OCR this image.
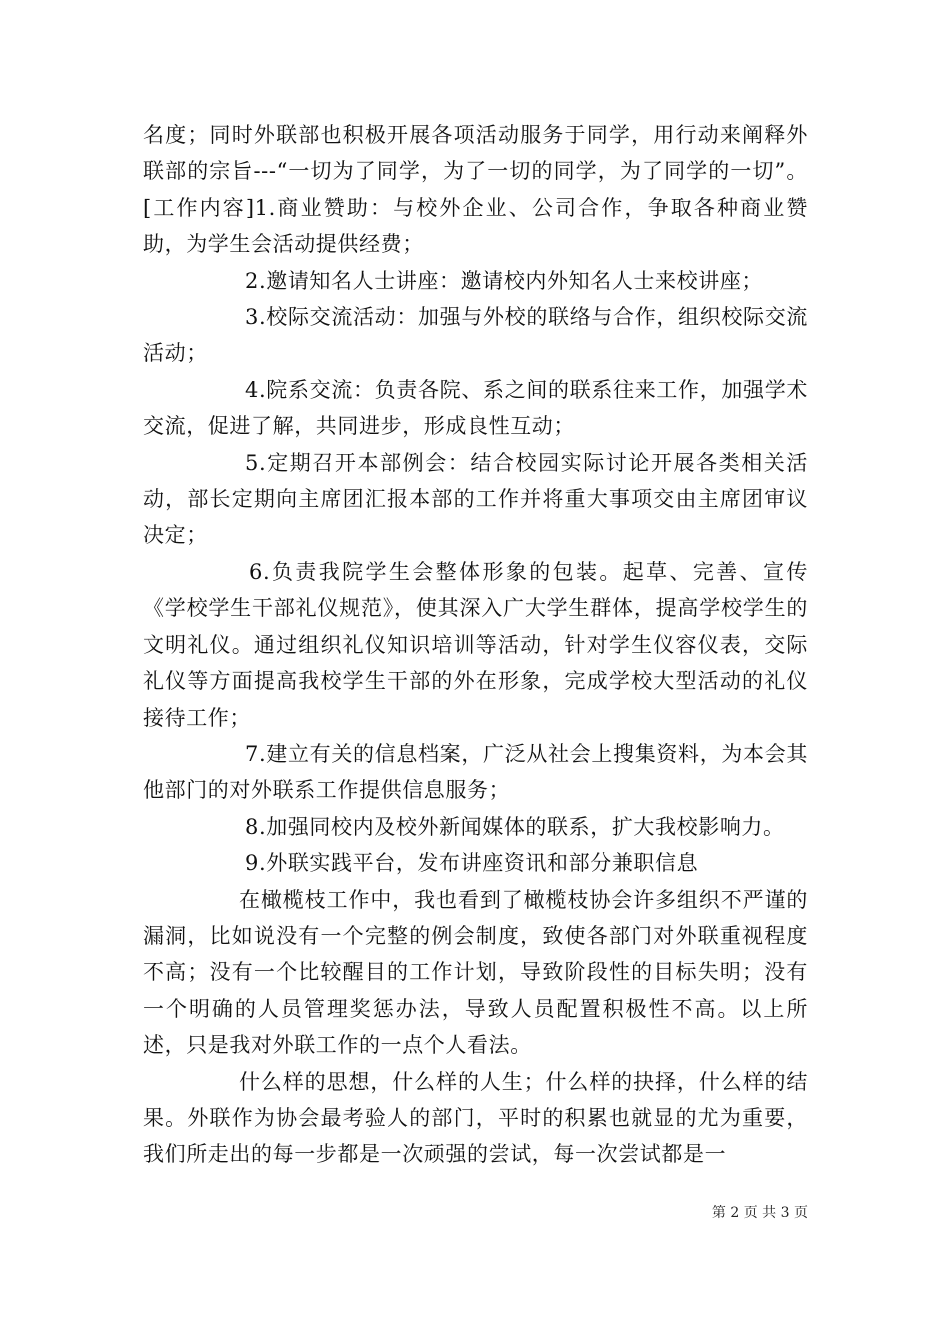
名度；同时外联部也积极开展各项活动服务于同学，用行动来阐释外联部的宗旨---“一切为了同学，为了一切的同学，为了同学的一切”。[工作内容]1.商业赞助：与校外企业、公司合作，争取各种商业赞助，为学生会活动提供经费；

2.邀请知名人士讲座：邀请校内外知名人士来校讲座；

3.校际交流活动：加强与外校的联络与合作，组织校际交流活动；

4.院系交流：负责各院、系之间的联系往来工作，加强学术交流，促进了解，共同进步，形成良性互动；

5.定期召开本部例会：结合校园实际讨论开展各类相关活动，部长定期向主席团汇报本部的工作并将重大事项交由主席团审议决定；

6.负责我院学生会整体形象的包装。起草、完善、宣传《学校学生干部礼仪规范》，使其深入广大学生群体，提高学校学生的文明礼仪。通过组织礼仪知识培训等活动，针对学生仪容仪表，交际礼仪等方面提高我校学生干部的外在形象，完成学校大型活动的礼仪接待工作；

7.建立有关的信息档案，广泛从社会上搜集资料，为本会其他部门的对外联系工作提供信息服务；

8.加强同校内及校外新闻媒体的联系，扩大我校影响力。

9.外联实践平台，发布讲座资讯和部分兼职信息

在橄榄枝工作中，我也看到了橄榄枝协会许多组织不严谨的漏洞，比如说没有一个完整的例会制度，致使各部门对外联重视程度不高；没有一个比较醒目的工作计划，导致阶段性的目标失明；没有一个明确的人员管理奖惩办法，导致人员配置积极性不高。以上所述，只是我对外联工作的一点个人看法。

什么样的思想，什么样的人生；什么样的抉择，什么样的结果。外联作为协会最考验人的部门，平时的积累也就显的尤为重要，我们所走出的每一步都是一次顽强的尝试，每一次尝试都是一

第 2 页 共 3 页
